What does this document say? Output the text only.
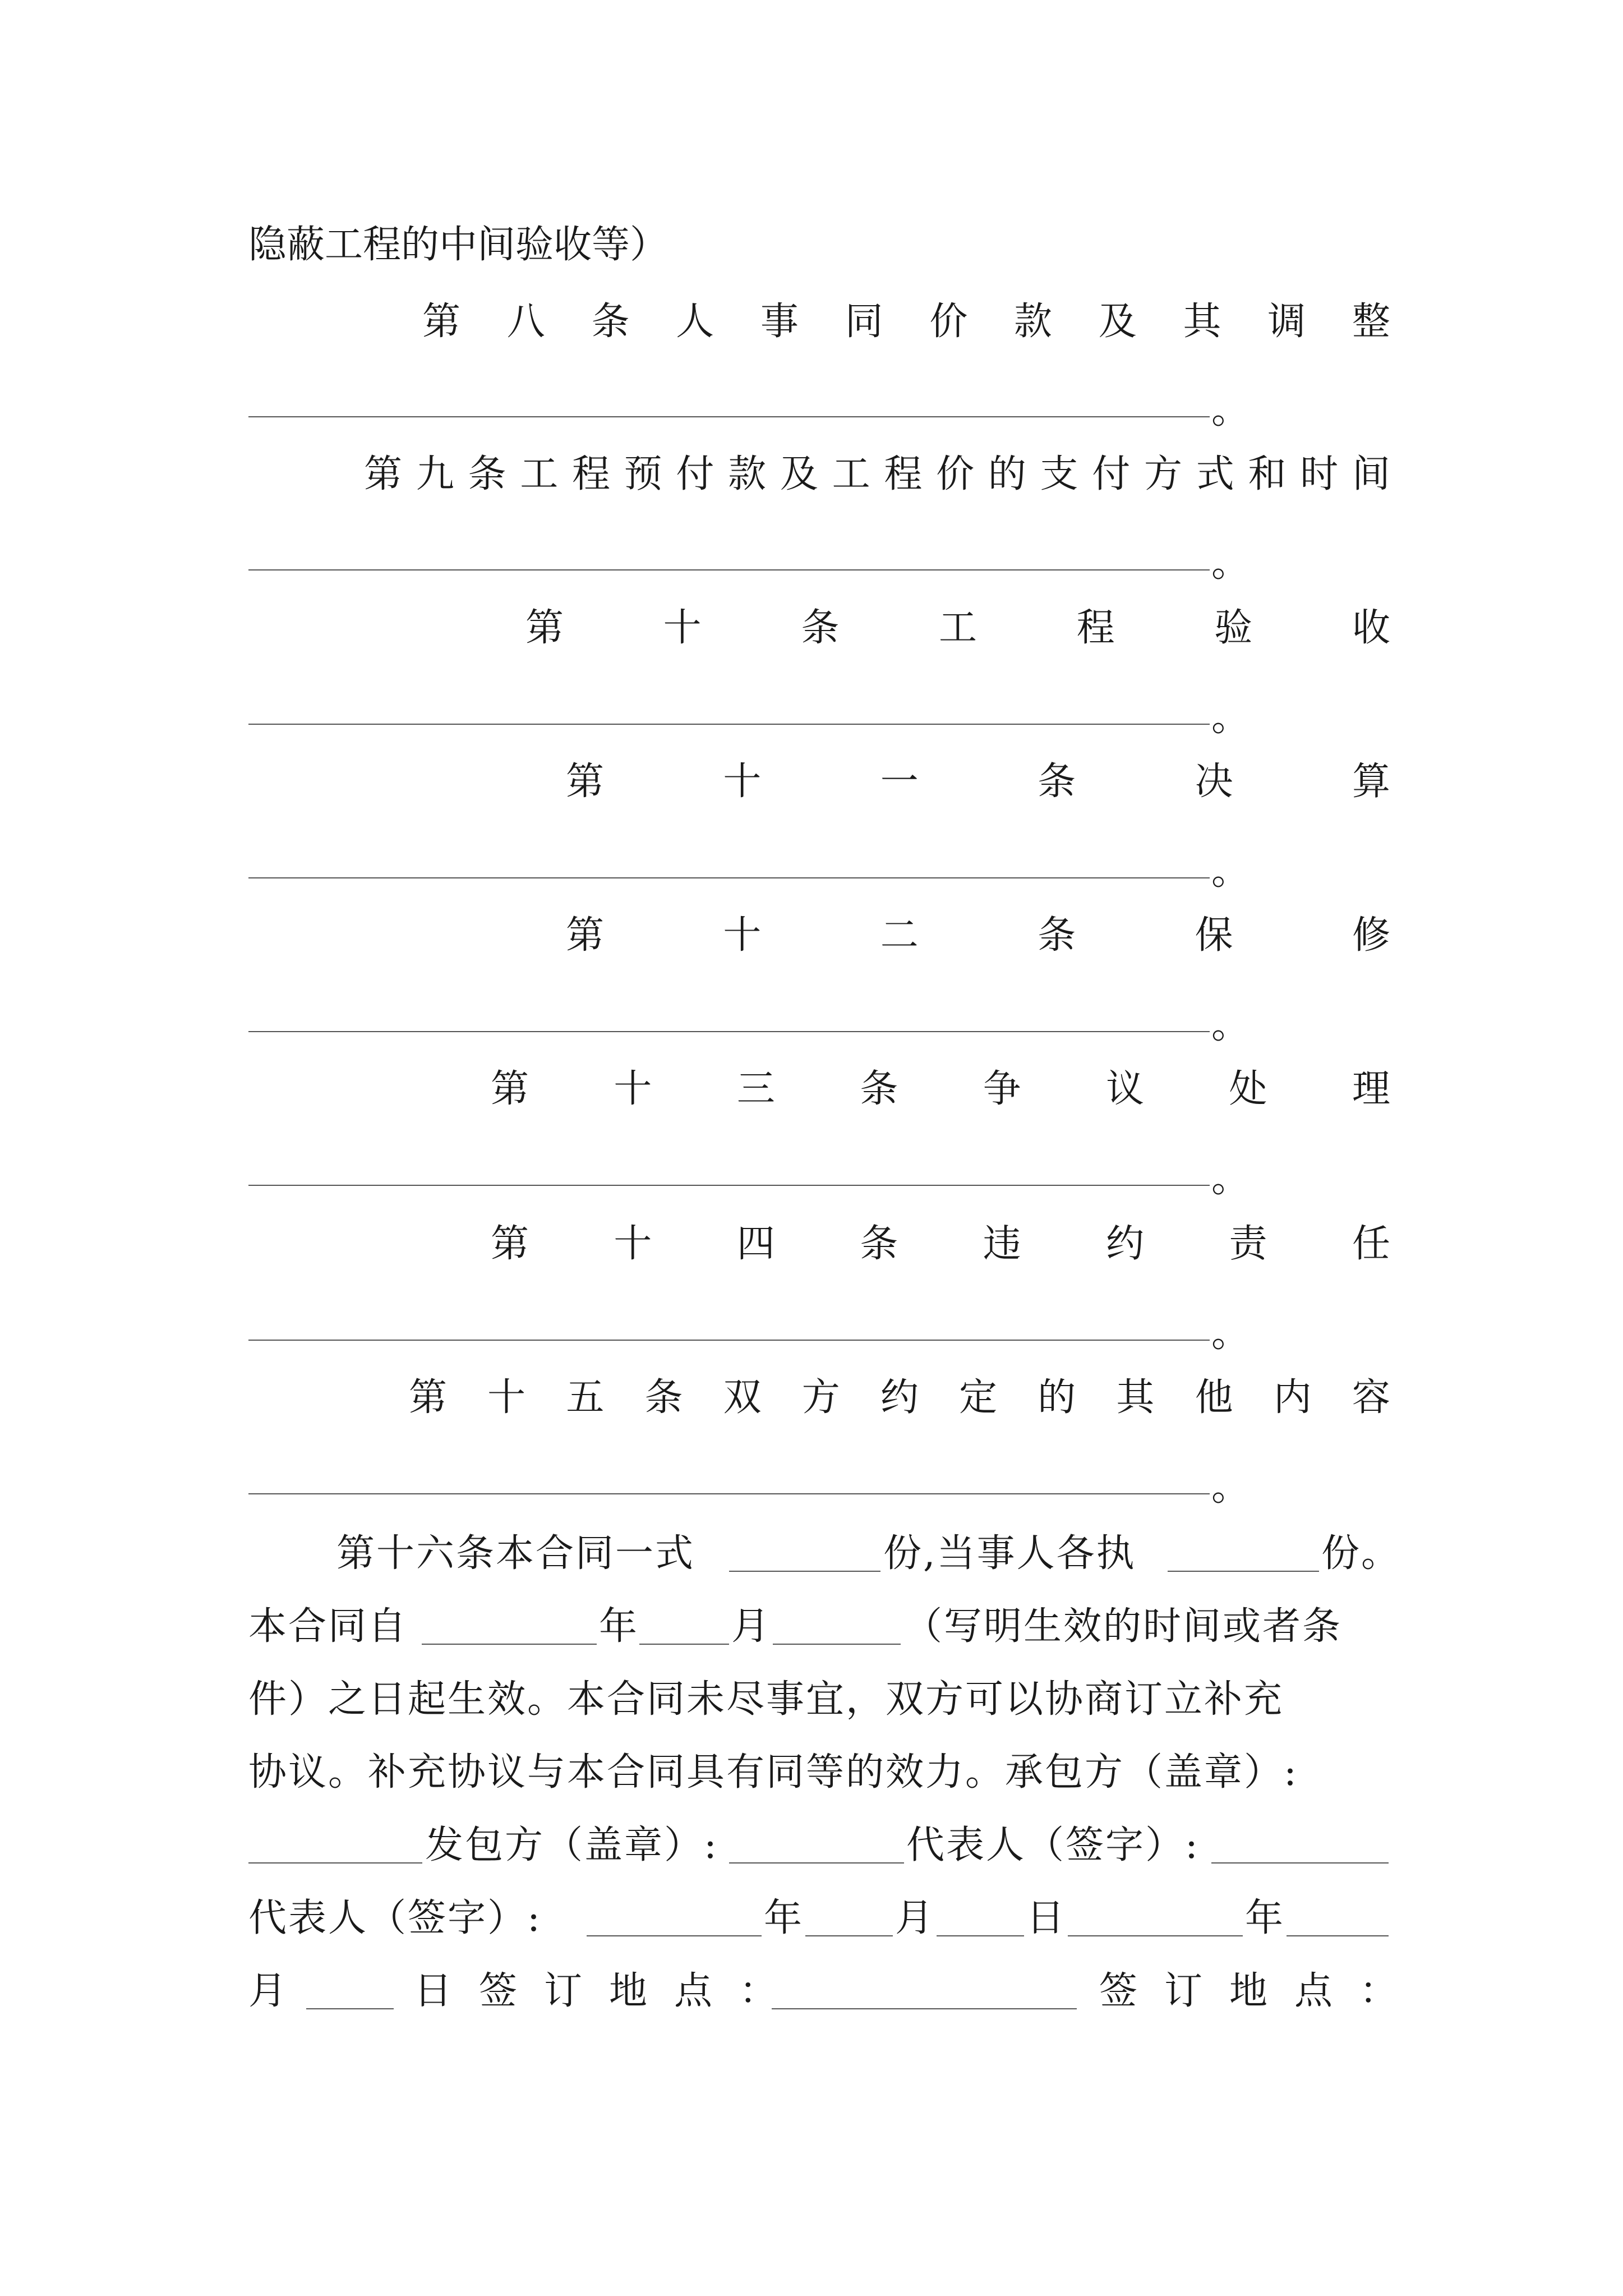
隐蔽工程的中间验收等）
第 八 条 人 事 同 价 款 及 其 调 整
。
第 九 条 工 程 预 付 款 及 工 程 价 的 支 付 方 式 和 时 间
。
第	十	条	工	程	验	收
。
第	十	一	条	决	算
。
第	十	二	条	保	修
。
第 十 三 条 争 议 处 理
。
第 十 四 条 违 约 责 任
。
第 十 五 条 双 方 约 定 的 其 他 内 容
。
第十六条本合同一式	份,当事人各执	份。
本合同自	年 月	（写明生效的时间或者条
件）之日起生效。本合同未尽事宜，双方可以协商订立补充
协议。补充协议与本合同具有同等的效力。承包方（盖章）:
发包方（盖章）:	代表人（签字）:
代表人（签字）:	年 月 日	年
月	日签订地点：	签订地点：
